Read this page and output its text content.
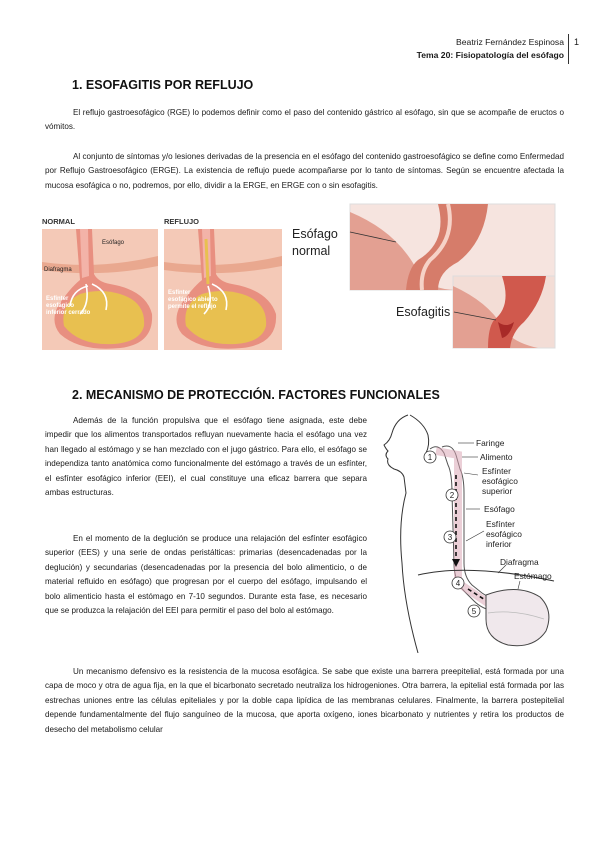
Beatriz Fernández Espinosa
Tema 20: Fisiopatología del esófago
1
1. ESOFAGITIS POR REFLUJO

El reflujo gastroesofágico (RGE) lo podemos definir como el paso del contenido gástrico al esófago, sin que se acompañe de eructos o vómitos.

Al conjunto de síntomas y/o lesiones derivadas de la presencia en el esófago del contenido gastroesofágico se define como Enfermedad por Reflujo Gastroesofágico (ERGE). La existencia de reflujo puede acompañarse por lo tanto de síntomas. Según se encuentre afectada la mucosa esofágica o no, podremos, por ello, dividir a la ERGE, en ERGE con o sin esofagitis.

NORMAL	REFLUJO
Esófago
Diafragma
Esfínter
esofágico
inferior cerrado
Esfínter
esofágico abierto
permite el reflujo
Esófago
normal
Esofagitis
2. MECANISMO DE PROTECCIÓN. FACTORES FUNCIONALES

Además de la función propulsiva que el esófago tiene asignada, este debe impedir que los alimentos transportados refluyan nuevamente hacia el esófago una vez han llegado al estómago y se han mezclado con el jugo gástrico. Para ello, el esófago se independiza tanto anatómica como funcionalmente del estómago a través de un esfínter, el esfínter esofágico inferior (EEI), el cual constituye una eficaz barrera que separa ambas estructuras.

En el momento de la deglución se produce una relajación del esfínter esofágico superior (EES) y una serie de ondas peristálticas: primarias (desencadenadas por la deglución) y secundarias (desencadenadas por la presencia del bolo alimenticio, o de material refluido en esófago) que progresan por el cuerpo del esófago, impulsando el bolo alimenticio hasta el estómago en 7-10 segundos. Durante esta fase, es necesario que se produzca la relajación del EEI para permitir el paso del bolo al estómago.

Un mecanismo defensivo es la resistencia de la mucosa esofágica. Se sabe que existe una barrera preepitelial, está formada por una capa de moco y otra de agua fija, en la que el bicarbonato secretado neutraliza los hidrogeniones. Otra barrera, la epitelial está formada por las estrechas uniones entre las células epiteliales y por la doble capa lipídica de las membranas celulares. Finalmente, la barrera postepitelial depende fundamentalmente del flujo sanguíneo de la mucosa, que aporta oxígeno, iones bicarbonato y nutrientes y retira los productos de desecho del metabolismo celular

1
2
3
4
5
Faringe
Alimento
Esfínter
esofágico
superior
Esófago
Esfínter
esofágico
inferior
Diafragma
Estómago
